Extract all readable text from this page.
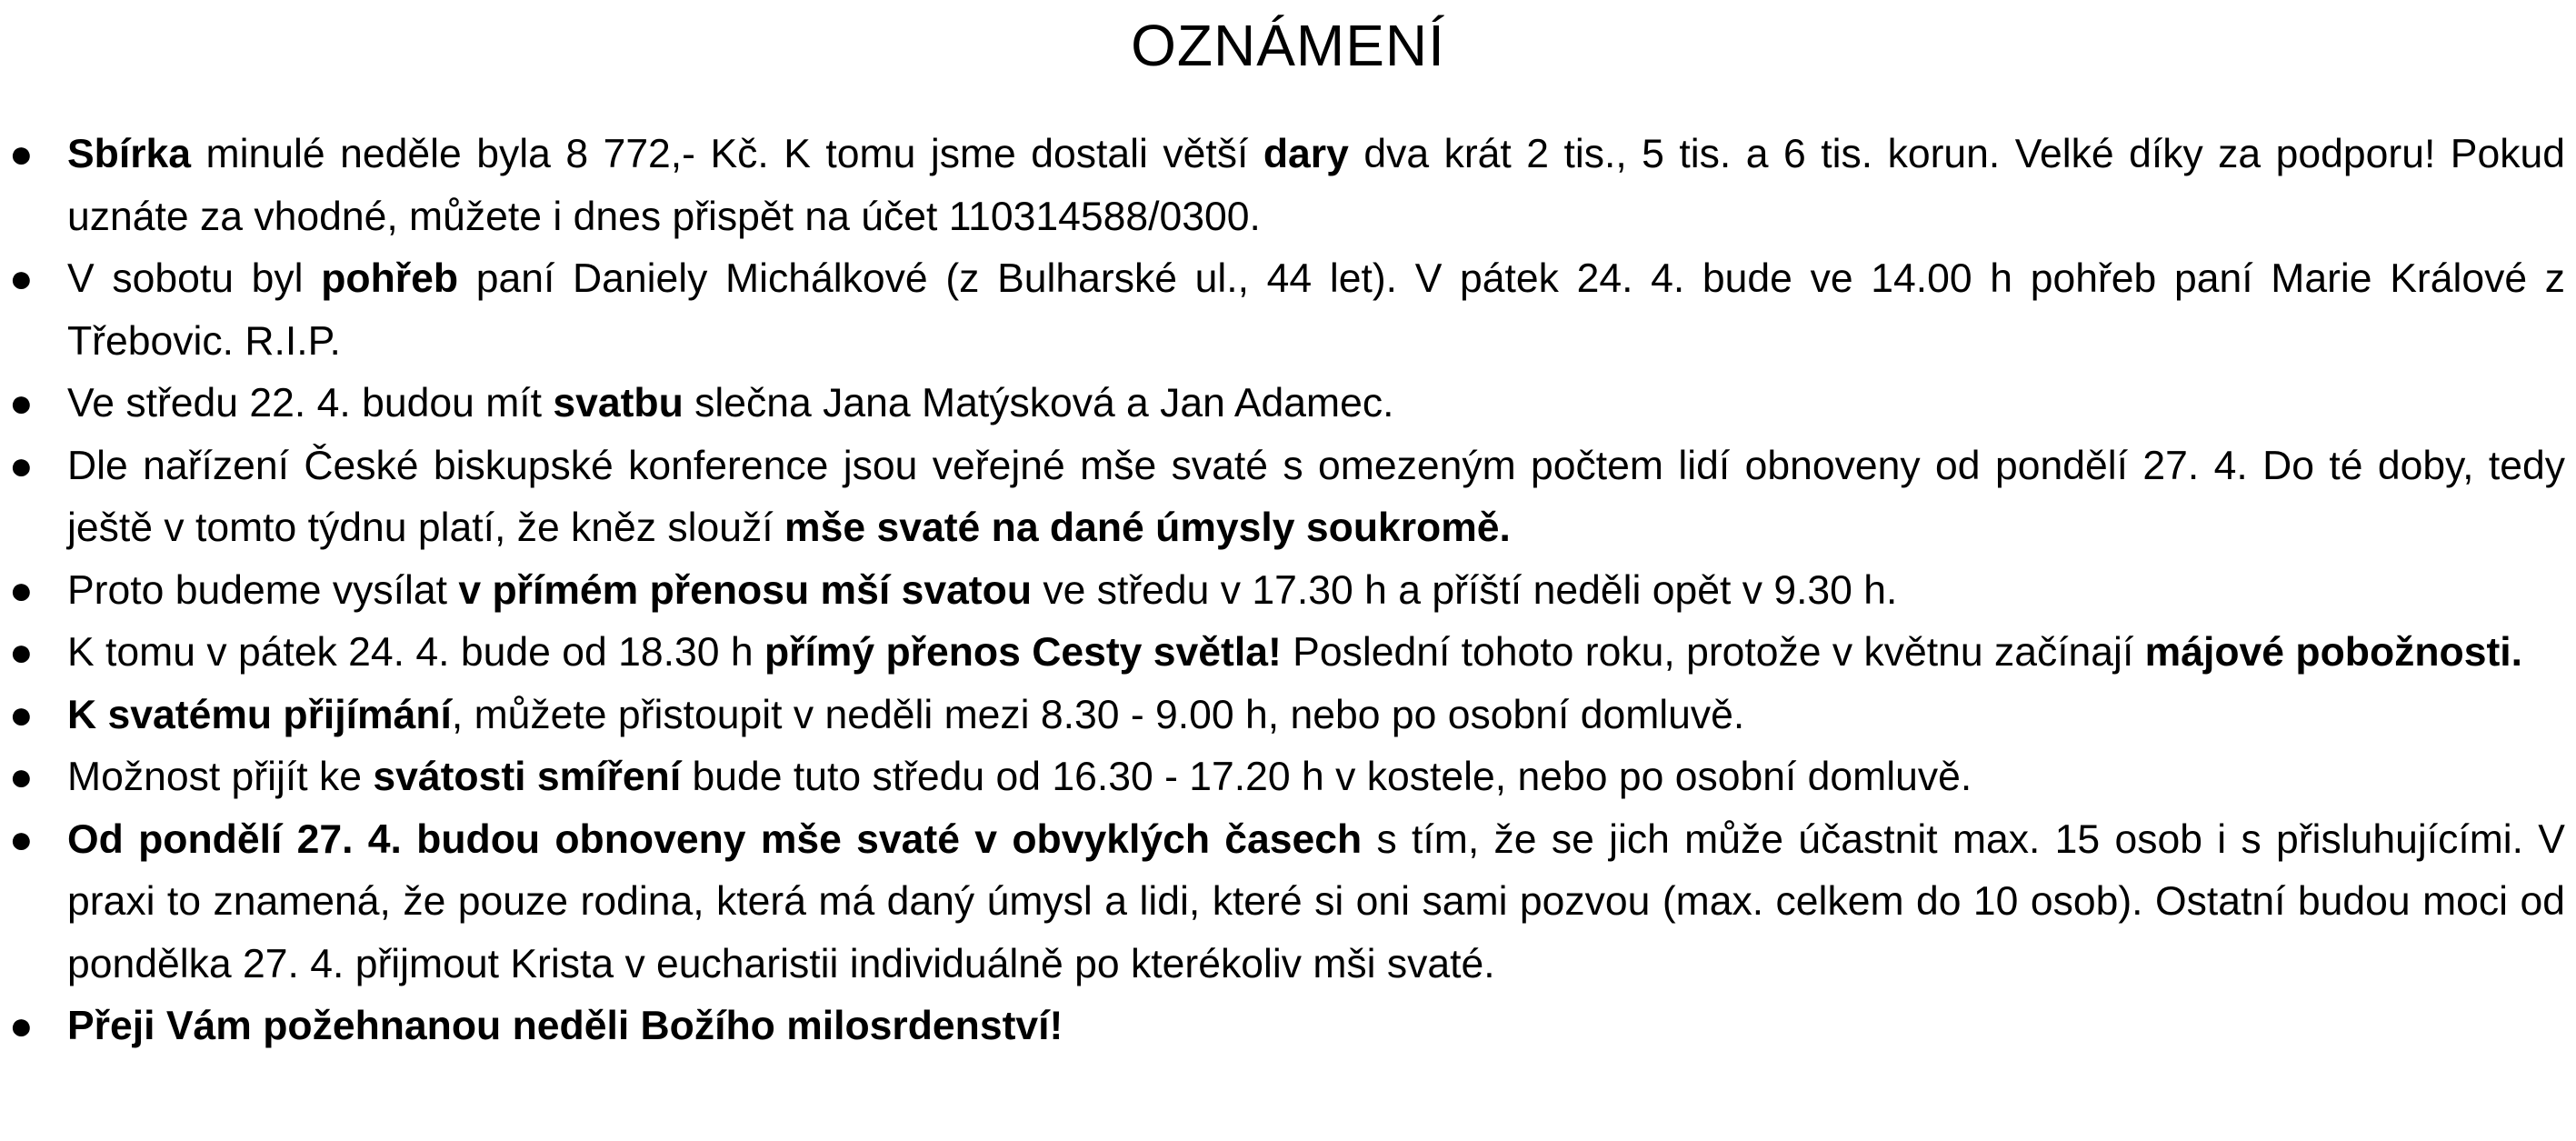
OZNÁMENÍ
● Sbírka minulé neděle byla 8 772,- Kč. K tomu jsme dostali větší dary dva krát 2 tis., 5 tis. a 6 tis. korun. Velké díky za podporu! Pokud uznáte za vhodné, můžete i dnes přispět na účet 110314588/0300.
● V sobotu byl pohřeb paní Daniely Michálkové (z Bulharské ul., 44 let). V pátek 24. 4. bude ve 14.00 h pohřeb paní Marie Králové z Třebovic. R.I.P.
● Ve středu 22. 4. budou mít svatbu slečna Jana Matýsková a Jan Adamec.
● Dle nařízení České biskupské konference jsou veřejné mše svaté s omezeným počtem lidí obnoveny od pondělí 27. 4. Do té doby, tedy ještě v tomto týdnu platí, že kněz slouží mše svaté na dané úmysly soukromě.
● Proto budeme vysílat v přímém přenosu mší svatou ve středu v 17.30 h a příští neděli opět v 9.30 h.
● K tomu v pátek 24. 4. bude od 18.30 h přímý přenos Cesty světla! Poslední tohoto roku, protože v květnu začínají májové pobožnosti.
● K svatému přijímání, můžete přistoupit v neděli mezi 8.30 - 9.00 h, nebo po osobní domluvě.
● Možnost přijít ke svátosti smíření bude tuto středu od 16.30 - 17.20 h v kostele, nebo po osobní domluvě.
● Od pondělí 27. 4. budou obnoveny mše svaté v obvyklých časech s tím, že se jich může účastnit max. 15 osob i s přisluhujícími. V praxi to znamená, že pouze rodina, která má daný úmysl a lidi, které si oni sami pozvou (max. celkem do 10 osob). Ostatní budou moci od pondělka 27. 4. přijmout Krista v eucharistii individuálně po kterékoliv mši svaté.
● Přeji Vám požehnanou neděli Božího milosrdenství!
